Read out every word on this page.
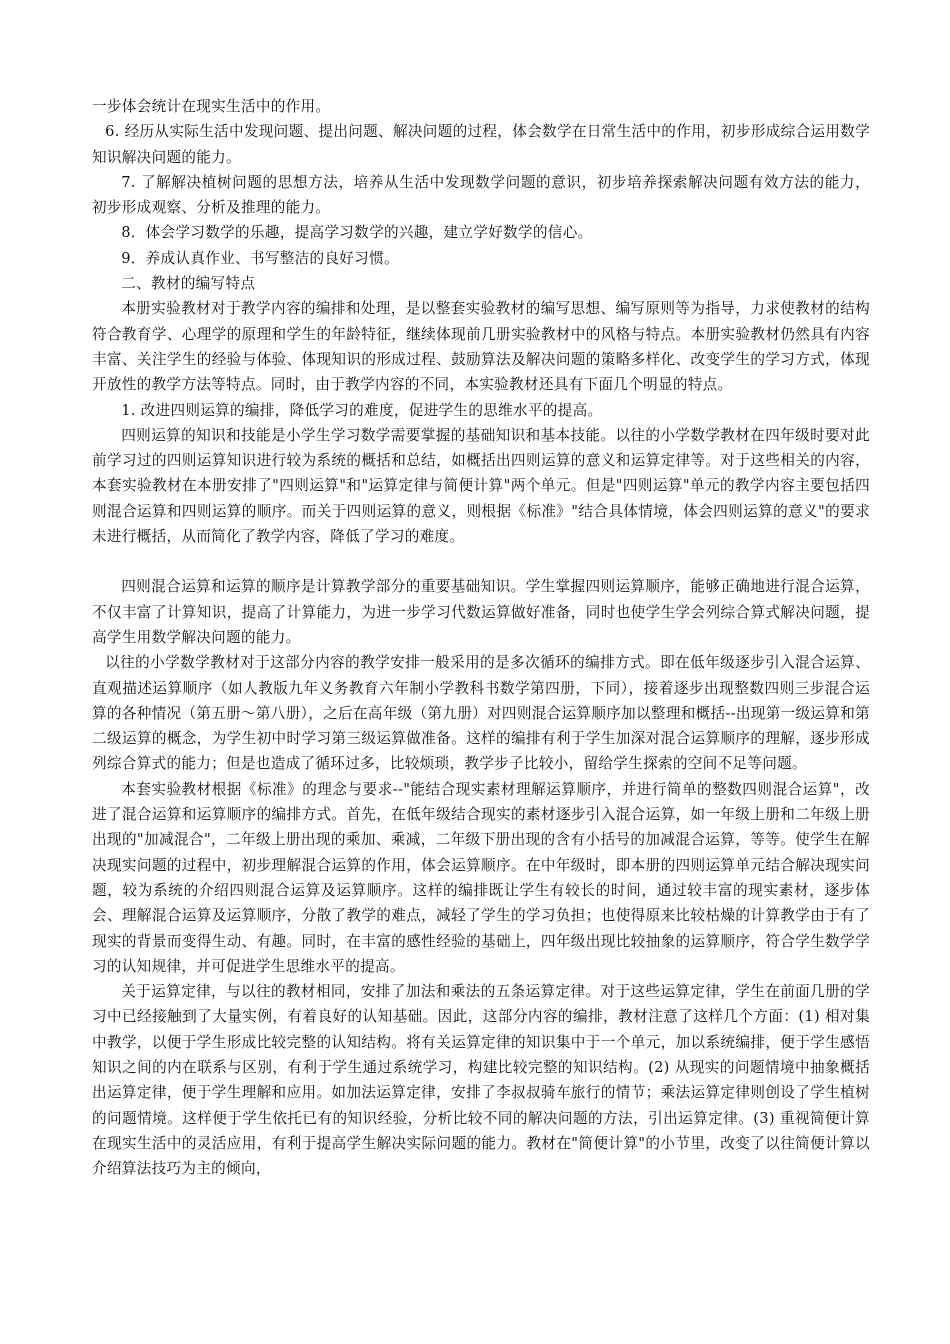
一步体会统计在现实生活中的作用。

6. 经历从实际生活中发现问题、提出问题、解决问题的过程，体会数学在日常生活中的作用，初步形成综合运用数学知识解决问题的能力。

7. 了解解决植树问题的思想方法，培养从生活中发现数学问题的意识，初步培养探索解决问题有效方法的能力，初步形成观察、分析及推理的能力。

8．体会学习数学的乐趣，提高学习数学的兴趣，建立学好数学的信心。

9．养成认真作业、书写整洁的良好习惯。

二、教材的编写特点

本册实验教材对于教学内容的编排和处理，是以整套实验教材的编写思想、编写原则等为指导，力求使教材的结构符合教育学、心理学的原理和学生的年龄特征，继续体现前几册实验教材中的风格与特点。本册实验教材仍然具有内容丰富、关注学生的经验与体验、体现知识的形成过程、鼓励算法及解决问题的策略多样化、改变学生的学习方式，体现开放性的教学方法等特点。同时，由于教学内容的不同，本实验教材还具有下面几个明显的特点。

1. 改进四则运算的编排，降低学习的难度，促进学生的思维水平的提高。

四则运算的知识和技能是小学生学习数学需要掌握的基础知识和基本技能。以往的小学数学教材在四年级时要对此前学习过的四则运算知识进行较为系统的概括和总结，如概括出四则运算的意义和运算定律等。对于这些相关的内容，本套实验教材在本册安排了"四则运算"和"运算定律与简便计算"两个单元。但是"四则运算"单元的教学内容主要包括四则混合运算和四则运算的顺序。而关于四则运算的意义，则根据《标准》"结合具体情境，体会四则运算的意义"的要求未进行概括，从而简化了教学内容，降低了学习的难度。

四则混合运算和运算的顺序是计算教学部分的重要基础知识。学生掌握四则运算顺序，能够正确地进行混合运算，不仅丰富了计算知识，提高了计算能力，为进一步学习代数运算做好准备，同时也使学生学会列综合算式解决问题，提高学生用数学解决问题的能力。

以往的小学数学教材对于这部分内容的教学安排一般采用的是多次循环的编排方式。即在低年级逐步引入混合运算、直观描述运算顺序（如人教版九年义务教育六年制小学教科书数学第四册，下同），接着逐步出现整数四则三步混合运算的各种情况（第五册～第八册），之后在高年级（第九册）对四则混合运算顺序加以整理和概括--出现第一级运算和第二级运算的概念，为学生初中时学习第三级运算做准备。这样的编排有利于学生加深对混合运算顺序的理解，逐步形成列综合算式的能力；但是也造成了循环过多，比较烦琐，教学步子比较小，留给学生探索的空间不足等问题。

本套实验教材根据《标准》的理念与要求--"能结合现实素材理解运算顺序，并进行简单的整数四则混合运算"，改进了混合运算和运算顺序的编排方式。首先，在低年级结合现实的素材逐步引入混合运算，如一年级上册和二年级上册出现的"加减混合"，二年级上册出现的乘加、乘减，二年级下册出现的含有小括号的加减混合运算，等等。使学生在解决现实问题的过程中，初步理解混合运算的作用，体会运算顺序。在中年级时，即本册的四则运算单元结合解决现实问题，较为系统的介绍四则混合运算及运算顺序。这样的编排既让学生有较长的时间，通过较丰富的现实素材，逐步体会、理解混合运算及运算顺序，分散了教学的难点，减轻了学生的学习负担；也使得原来比较枯燥的计算教学由于有了现实的背景而变得生动、有趣。同时，在丰富的感性经验的基础上，四年级出现比较抽象的运算顺序，符合学生数学学习的认知规律，并可促进学生思维水平的提高。

关于运算定律，与以往的教材相同，安排了加法和乘法的五条运算定律。对于这些运算定律，学生在前面几册的学习中已经接触到了大量实例，有着良好的认知基础。因此，这部分内容的编排，教材注意了这样几个方面：(1) 相对集中教学，以便于学生形成比较完整的认知结构。将有关运算定律的知识集中于一个单元，加以系统编排，便于学生感悟知识之间的内在联系与区别，有利于学生通过系统学习，构建比较完整的知识结构。(2) 从现实的问题情境中抽象概括出运算定律，便于学生理解和应用。如加法运算定律，安排了李叔叔骑车旅行的情节；乘法运算定律则创设了学生植树的问题情境。这样便于学生依托已有的知识经验，分析比较不同的解决问题的方法，引出运算定律。(3) 重视简便计算在现实生活中的灵活应用，有利于提高学生解决实际问题的能力。教材在"简便计算"的小节里，改变了以往简便计算以介绍算法技巧为主的倾向，
